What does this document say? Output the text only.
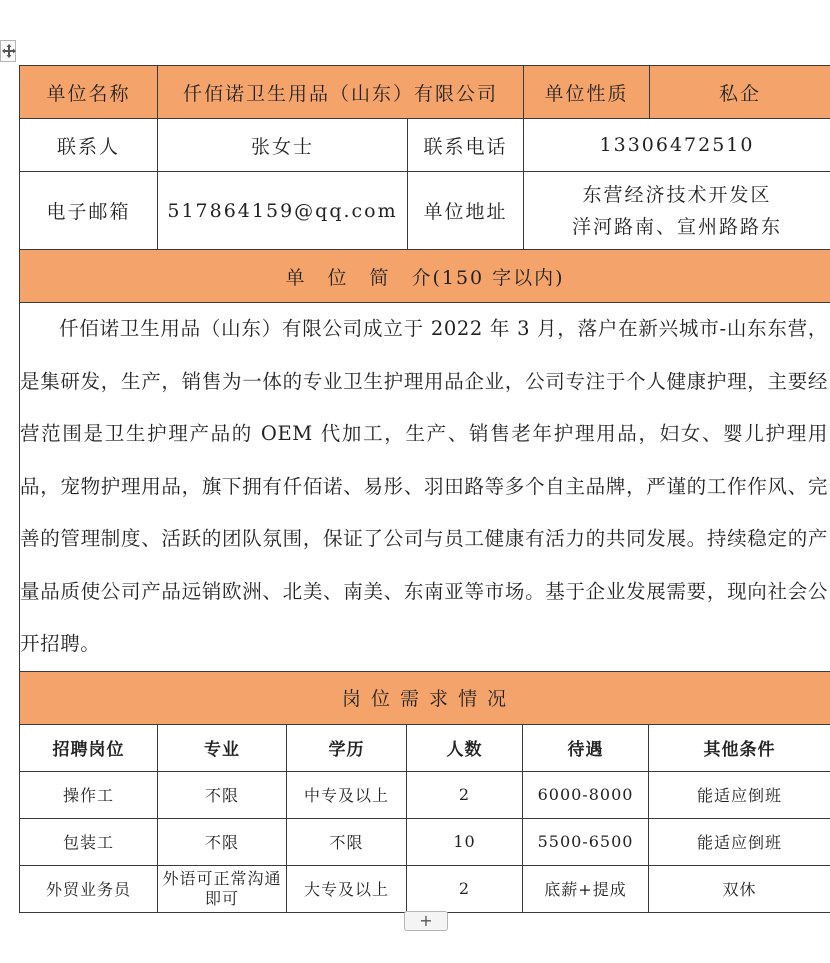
单位名称	仟佰诺卫生用品（山东）有限公司		单位性质	私企
联系人	张女士	联系电话	13306472510	
电子邮箱	517864159@qq.com	单位地址	东营经济技术开发区
洋河路南、宣州路路东	

单　位　简　介(150 字以内)				

仟佰诺卫生用品（山东）有限公司成立于 2022 年 3 月，落户在新兴城市-山东东营，是集研发，生产，销售为一体的专业卫生护理用品企业，公司专注于个人健康护理，主要经营范围是卫生护理产品的 OEM 代加工，生产、销售老年护理用品，妇女、婴儿护理用品，宠物护理用品，旗下拥有仟佰诺、易彤、羽田路等多个自主品牌，严谨的工作作风、完善的管理制度、活跃的团队氛围，保证了公司与员工健康有活力的共同发展。持续稳定的产量品质使公司产品远销欧洲、北美、南美、东南亚等市场。基于企业发展需要，现向社会公开招聘。				

岗 位 需 求 情 况				
招聘岗位	专业	学历	人数	待遇	其他条件
操作工	不限	中专及以上	2	6000-8000	能适应倒班
包装工	不限	不限	10	5500-6500	能适应倒班
外贸业务员	外语可正常沟通即可	大专及以上	2	底薪+提成	双休
+
